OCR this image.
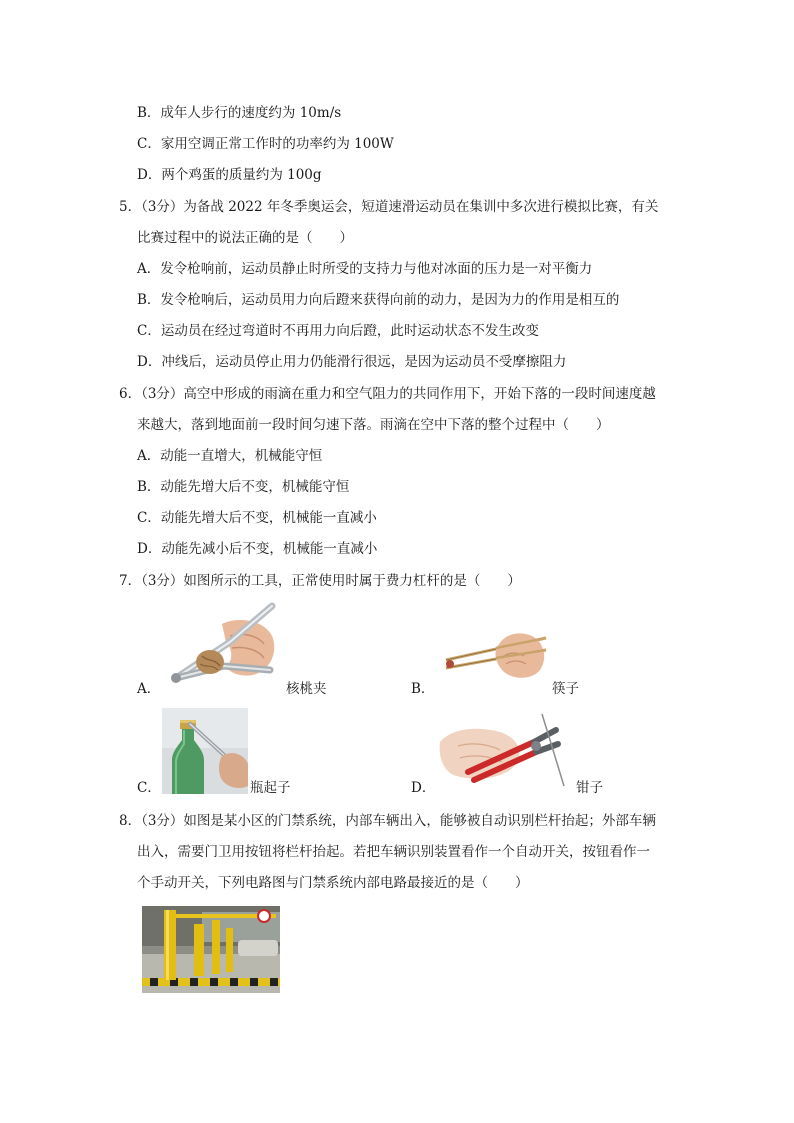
B．成年人步行的速度约为 10m/s
C．家用空调正常工作时的功率约为 100W
D．两个鸡蛋的质量约为 100g
5．（3分）为备战 2022 年冬季奥运会，短道速滑运动员在集训中多次进行模拟比赛，有关
比赛过程中的说法正确的是（　　）
A．发令枪响前，运动员静止时所受的支持力与他对冰面的压力是一对平衡力
B．发令枪响后，运动员用力向后蹬来获得向前的动力，是因为力的作用是相互的
C．运动员在经过弯道时不再用力向后蹬，此时运动状态不发生改变
D．冲线后，运动员停止用力仍能滑行很远，是因为运动员不受摩擦阻力
6．（3分）高空中形成的雨滴在重力和空气阻力的共同作用下，开始下落的一段时间速度越
来越大，落到地面前一段时间匀速下落。雨滴在空中下落的整个过程中（　　）
A．动能一直增大，机械能守恒
B．动能先增大后不变，机械能守恒
C．动能先增大后不变，机械能一直减小
D．动能先减小后不变，机械能一直减小
7．（3分）如图所示的工具，正常使用时属于费力杠杆的是（　　）
A．	核桃夹	B．	筷子
C．	瓶起子	D．	钳子
8．（3分）如图是某小区的门禁系统，内部车辆出入，能够被自动识别栏杆抬起；外部车辆
出入，需要门卫用按钮将栏杆抬起。若把车辆识别装置看作一个自动开关，按钮看作一
个手动开关，下列电路图与门禁系统内部电路最接近的是（　　）
